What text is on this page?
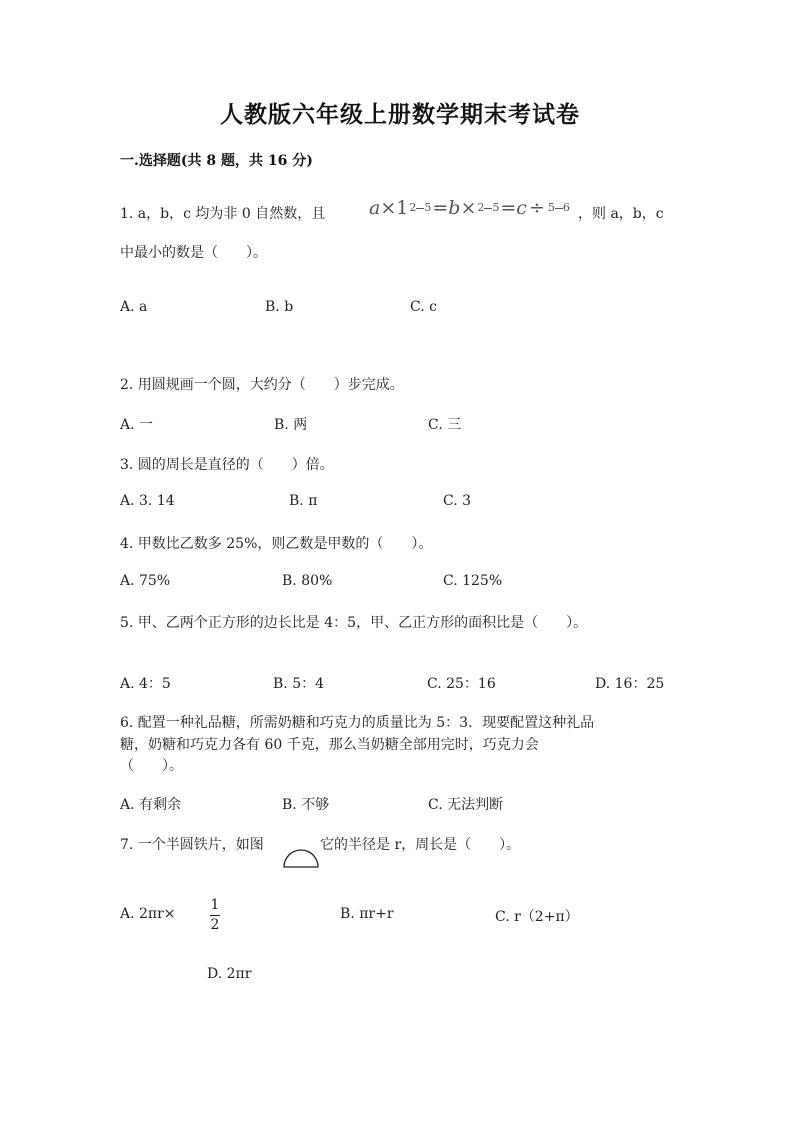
人教版六年级上册数学期末考试卷
一.选择题(共 8 题，共 16 分)
1. a，b，c 均为非 0 自然数，且 a×12 5=b×2 5=c ÷ 5 6 ，则 a，b，c
中最小的数是（　　）。
A. a	B. b	C. c
2. 用圆规画一个圆，大约分（　　）步完成。
A. 一	B. 两	C. 三
3. 圆的周长是直径的（　　）倍。
A. 3. 14	B. π	C. 3
4. 甲数比乙数多 25%，则乙数是甲数的（　　）。
A. 75%	B. 80%	C. 125%
5. 甲、乙两个正方形的边长比是 4：5，甲、乙正方形的面积比是（　　）。
A. 4：5	B. 5：4	C. 25：16	D. 16：25
6. 配置一种礼品糖，所需奶糖和巧克力的质量比为 5：3．现要配置这种礼品
糖，奶糖和巧克力各有 60 千克，那么当奶糖全部用完时，巧克力会
（　　）。
A. 有剩余	B. 不够	C. 无法判断
7. 一个半圆铁片，如图	它的半径是 r，周长是（　　）。
A. 2πr×
1
2
B. πr+r	C. r（2+π）
D. 2πr
